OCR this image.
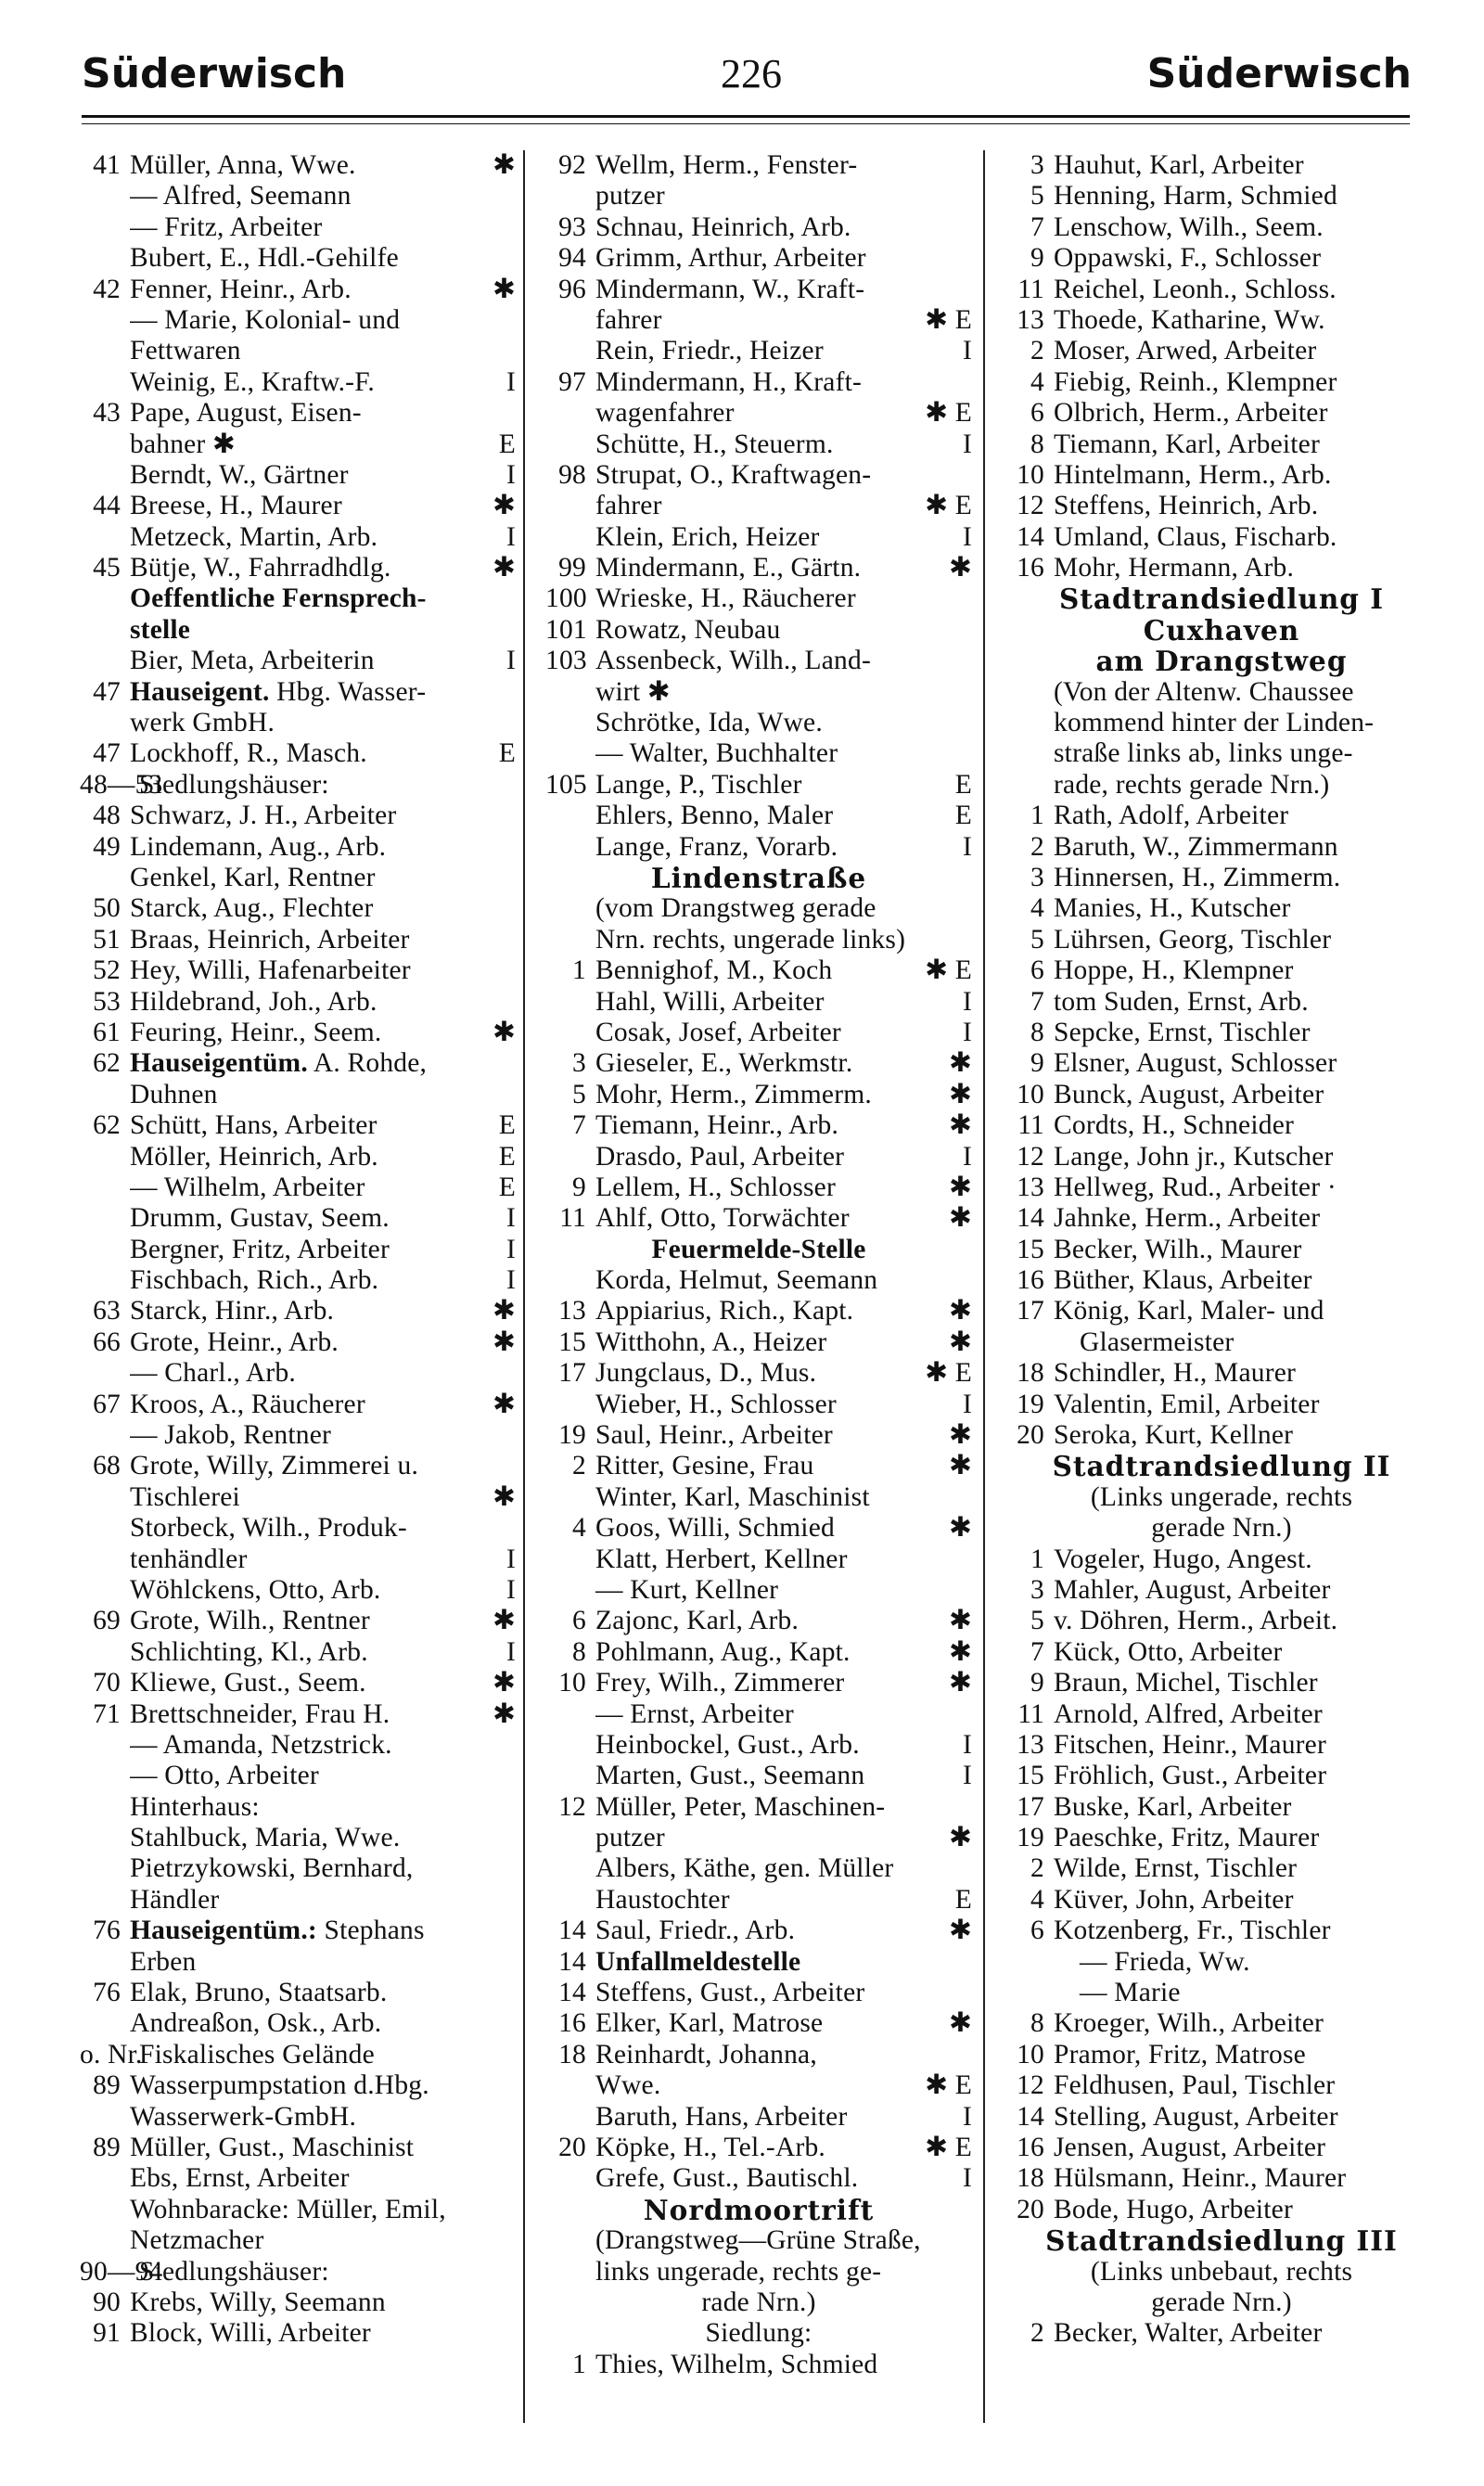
Süderwisch	226	Süderwisch
41 Müller, Anna, Wwe.	✱
— Alfred, Seemann
— Fritz, Arbeiter
Bubert, E., Hdl.-Gehilfe
42 Fenner, Heinr., Arb.	✱
— Marie, Kolonial- und
Fettwaren
Weinig, E., Kraftw.-F.	I
43 Pape, August, Eisen-
bahner ✱	E
Berndt, W., Gärtner	I
44 Breese, H., Maurer	✱
Metzeck, Martin, Arb.	I
45 Bütje, W., Fahrradhdlg.	✱
Oeffentliche Fernsprech-
stelle
Bier, Meta, Arbeiterin	I
47 Hauseigent. Hbg. Wasser-
werk GmbH.
47 Lockhoff, R., Masch.	E
48—53
Siedlungshäuser:
48 Schwarz, J. H., Arbeiter
49 Lindemann, Aug., Arb.
Genkel, Karl, Rentner
50 Starck, Aug., Flechter
51 Braas, Heinrich, Arbeiter
52 Hey, Willi, Hafenarbeiter
53 Hildebrand, Joh., Arb.
61 Feuring, Heinr., Seem.	✱
62 Hauseigentüm. A. Rohde,
Duhnen
62 Schütt, Hans, Arbeiter	E
Möller, Heinrich, Arb.	E
— Wilhelm, Arbeiter	E
Drumm, Gustav, Seem.	I
Bergner, Fritz, Arbeiter	I
Fischbach, Rich., Arb.	I
63 Starck, Hinr., Arb.	✱
66 Grote, Heinr., Arb.	✱
— Charl., Arb.
67 Kroos, A., Räucherer	✱
— Jakob, Rentner
68 Grote, Willy, Zimmerei u.
Tischlerei	✱
Storbeck, Wilh., Produk-
tenhändler	I
Wöhlckens, Otto, Arb.	I
69 Grote, Wilh., Rentner	✱
Schlichting, Kl., Arb.	I
70 Kliewe, Gust., Seem.	✱
71 Brettschneider, Frau H.	✱
— Amanda, Netzstrick.
— Otto, Arbeiter
Hinterhaus:
Stahlbuck, Maria, Wwe.
Pietrzykowski, Bernhard,
Händler
76 Hauseigentüm.: Stephans
Erben
76 Elak, Bruno, Staatsarb.
Andreaßon, Osk., Arb.
o. Nr.
Fiskalisches Gelände
89 Wasserpumpstation d.Hbg.
Wasserwerk-GmbH.
89 Müller, Gust., Maschinist
Ebs, Ernst, Arbeiter
Wohnbaracke: Müller, Emil,
Netzmacher
90—94
Siedlungshäuser:
90 Krebs, Willy, Seemann
91 Block, Willi, Arbeiter
92 Wellm, Herm., Fenster-
putzer
93 Schnau, Heinrich, Arb.
94 Grimm, Arthur, Arbeiter
96 Mindermann, W., Kraft-
fahrer	✱ E
Rein, Friedr., Heizer	I
97 Mindermann, H., Kraft-
wagenfahrer	✱ E
Schütte, H., Steuerm.	I
98 Strupat, O., Kraftwagen-
fahrer	✱ E
Klein, Erich, Heizer	I
99 Mindermann, E., Gärtn.	✱
100 Wrieske, H., Räucherer
101 Rowatz, Neubau
103 Assenbeck, Wilh., Land-
wirt ✱
Schrötke, Ida, Wwe.
— Walter, Buchhalter
105 Lange, P., Tischler	E
Ehlers, Benno, Maler	E
Lange, Franz, Vorarb.	I
Lindenstraße
(vom Drangstweg gerade
Nrn. rechts, ungerade links)
1 Bennighof, M., Koch	✱ E
Hahl, Willi, Arbeiter	I
Cosak, Josef, Arbeiter	I
3 Gieseler, E., Werkmstr.	✱
5 Mohr, Herm., Zimmerm.	✱
7 Tiemann, Heinr., Arb.	✱
Drasdo, Paul, Arbeiter	I
9 Lellem, H., Schlosser	✱
11 Ahlf, Otto, Torwächter	✱
Feuermelde-Stelle
Korda, Helmut, Seemann
13 Appiarius, Rich., Kapt.	✱
15 Witthohn, A., Heizer	✱
17 Jungclaus, D., Mus.	✱ E
Wieber, H., Schlosser	I
19 Saul, Heinr., Arbeiter	✱
2 Ritter, Gesine, Frau	✱
Winter, Karl, Maschinist
4 Goos, Willi, Schmied	✱
Klatt, Herbert, Kellner
— Kurt, Kellner
6 Zajonc, Karl, Arb.	✱
8 Pohlmann, Aug., Kapt.	✱
10 Frey, Wilh., Zimmerer	✱
— Ernst, Arbeiter
Heinbockel, Gust., Arb.	I
Marten, Gust., Seemann	I
12 Müller, Peter, Maschinen-
putzer	✱
Albers, Käthe, gen. Müller
Haustochter	E
14 Saul, Friedr., Arb.	✱
14 Unfallmeldestelle
14 Steffens, Gust., Arbeiter
16 Elker, Karl, Matrose	✱
18 Reinhardt, Johanna,
Wwe.	✱ E
Baruth, Hans, Arbeiter	I
20 Köpke, H., Tel.-Arb.	✱ E
Grefe, Gust., Bautischl.	I
Nordmoortrift
(Drangstweg—Grüne Straße,
links ungerade, rechts ge-
rade Nrn.)
Siedlung:
1 Thies, Wilhelm, Schmied
3 Hauhut, Karl, Arbeiter
5 Henning, Harm, Schmied
7 Lenschow, Wilh., Seem.
9 Oppawski, F., Schlosser
11 Reichel, Leonh., Schloss.
13 Thoede, Katharine, Ww.
2 Moser, Arwed, Arbeiter
4 Fiebig, Reinh., Klempner
6 Olbrich, Herm., Arbeiter
8 Tiemann, Karl, Arbeiter
10 Hintelmann, Herm., Arb.
12 Steffens, Heinrich, Arb.
14 Umland, Claus, Fischarb.
16 Mohr, Hermann, Arb.
Stadtrandsiedlung I
Cuxhaven
am Drangstweg
(Von der Altenw. Chaussee
kommend hinter der Linden-
straße links ab, links unge-
rade, rechts gerade Nrn.)
1 Rath, Adolf, Arbeiter
2 Baruth, W., Zimmermann
3 Hinnersen, H., Zimmerm.
4 Manies, H., Kutscher
5 Lührsen, Georg, Tischler
6 Hoppe, H., Klempner
7 tom Suden, Ernst, Arb.
8 Sepcke, Ernst, Tischler
9 Elsner, August, Schlosser
10 Bunck, August, Arbeiter
11 Cordts, H., Schneider
12 Lange, John jr., Kutscher
13 Hellweg, Rud., Arbeiter ·
14 Jahnke, Herm., Arbeiter
15 Becker, Wilh., Maurer
16 Büther, Klaus, Arbeiter
17 König, Karl, Maler- und
Glasermeister
18 Schindler, H., Maurer
19 Valentin, Emil, Arbeiter
20 Seroka, Kurt, Kellner
Stadtrandsiedlung II
(Links ungerade, rechts
gerade Nrn.)
1 Vogeler, Hugo, Angest.
3 Mahler, August, Arbeiter
5 v. Döhren, Herm., Arbeit.
7 Kück, Otto, Arbeiter
9 Braun, Michel, Tischler
11 Arnold, Alfred, Arbeiter
13 Fitschen, Heinr., Maurer
15 Fröhlich, Gust., Arbeiter
17 Buske, Karl, Arbeiter
19 Paeschke, Fritz, Maurer
2 Wilde, Ernst, Tischler
4 Küver, John, Arbeiter
6 Kotzenberg, Fr., Tischler
— Frieda, Ww.
— Marie
8 Kroeger, Wilh., Arbeiter
10 Pramor, Fritz, Matrose
12 Feldhusen, Paul, Tischler
14 Stelling, August, Arbeiter
16 Jensen, August, Arbeiter
18 Hülsmann, Heinr., Maurer
20 Bode, Hugo, Arbeiter
Stadtrandsiedlung III
(Links unbebaut, rechts
gerade Nrn.)
2 Becker, Walter, Arbeiter
